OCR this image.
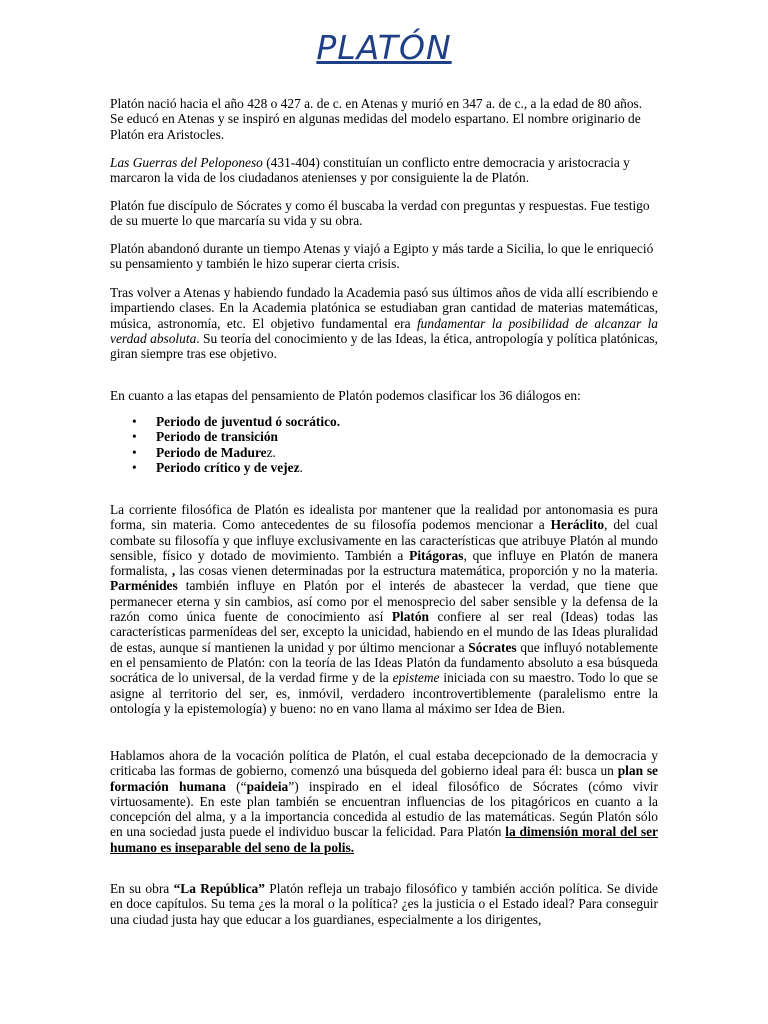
PLATÓN

Platón nació hacia el año 428 o 427 a. de c. en Atenas y murió en 347 a. de c., a la edad de 80 años. Se educó en Atenas y se inspiró en algunas medidas del modelo espartano. El nombre originario de Platón era Aristocles.

Las Guerras del Peloponeso (431-404) constituían un conflicto entre democracia y aristocracia y marcaron la vida de los ciudadanos atenienses y por consiguiente la de Platón.

Platón fue discípulo de Sócrates y como él buscaba la verdad con preguntas y respuestas. Fue testigo de su muerte lo que marcaría su vida y su obra.

Platón abandonó durante un tiempo Atenas y viajó a Egipto y más tarde a Sicilia, lo que le enriqueció su pensamiento y también le hizo superar cierta crisis.

Tras volver a Atenas y habiendo fundado la Academia pasó sus últimos años de vida allí escribiendo e impartiendo clases. En la Academia platónica se estudiaban gran cantidad de materias matemáticas, música, astronomía, etc. El objetivo fundamental era fundamentar la posibilidad de alcanzar la verdad absoluta. Su teoría del conocimiento y de las Ideas, la ética, antropología y política platónicas, giran siempre tras ese objetivo.

En cuanto a las etapas del pensamiento de Platón podemos clasificar los 36 diálogos en:

• Periodo de juventud ó socrático.
• Periodo de transición
• Periodo de Madurez.
• Periodo crítico y de vejez.

La corriente filosófica de Platón es idealista por mantener que la realidad por antonomasia es pura forma, sin materia. Como antecedentes de su filosofía podemos mencionar a Heráclito, del cual combate su filosofía y que influye exclusivamente en las características que atribuye Platón al mundo sensible, físico y dotado de movimiento. También a Pitágoras, que influye en Platón de manera formalista, , las cosas vienen determinadas por la estructura matemática, proporción y no la materia. Parménides también influye en Platón por el interés de abastecer la verdad, que tiene que permanecer eterna y sin cambios, así como por el menosprecio del saber sensible y la defensa de la razón como única fuente de conocimiento así Platón confiere al ser real (Ideas) todas las características parmenídeas del ser, excepto la unicidad, habiendo en el mundo de las Ideas pluralidad de estas, aunque sí mantienen la unidad y por último mencionar a Sócrates que influyó notablemente en el pensamiento de Platón: con la teoría de las Ideas Platón da fundamento absoluto a esa búsqueda socrática de lo universal, de la verdad firme y de la episteme iniciada con su maestro. Todo lo que se asigne al territorio del ser, es, inmóvil, verdadero incontrovertiblemente (paralelismo entre la ontología y la epistemología) y bueno: no en vano llama al máximo ser Idea de Bien.

Hablamos ahora de la vocación política de Platón, el cual estaba decepcionado de la democracia y criticaba las formas de gobierno, comenzó una búsqueda del gobierno ideal para él: busca un plan se formación humana (“paideia”) inspirado en el ideal filosófico de Sócrates (cómo vivir virtuosamente). En este plan también se encuentran influencias de los pitagóricos en cuanto a la concepción del alma, y a la importancia concedida al estudio de las matemáticas. Según Platón sólo en una sociedad justa puede el individuo buscar la felicidad. Para Platón la dimensión moral del ser humano es inseparable del seno de la polis.

En su obra “La República” Platón refleja un trabajo filosófico y también acción política. Se divide en doce capítulos. Su tema ¿es la moral o la política? ¿es la justicia o el Estado ideal? Para conseguir una ciudad justa hay que educar a los guardianes, especialmente a los dirigentes,
